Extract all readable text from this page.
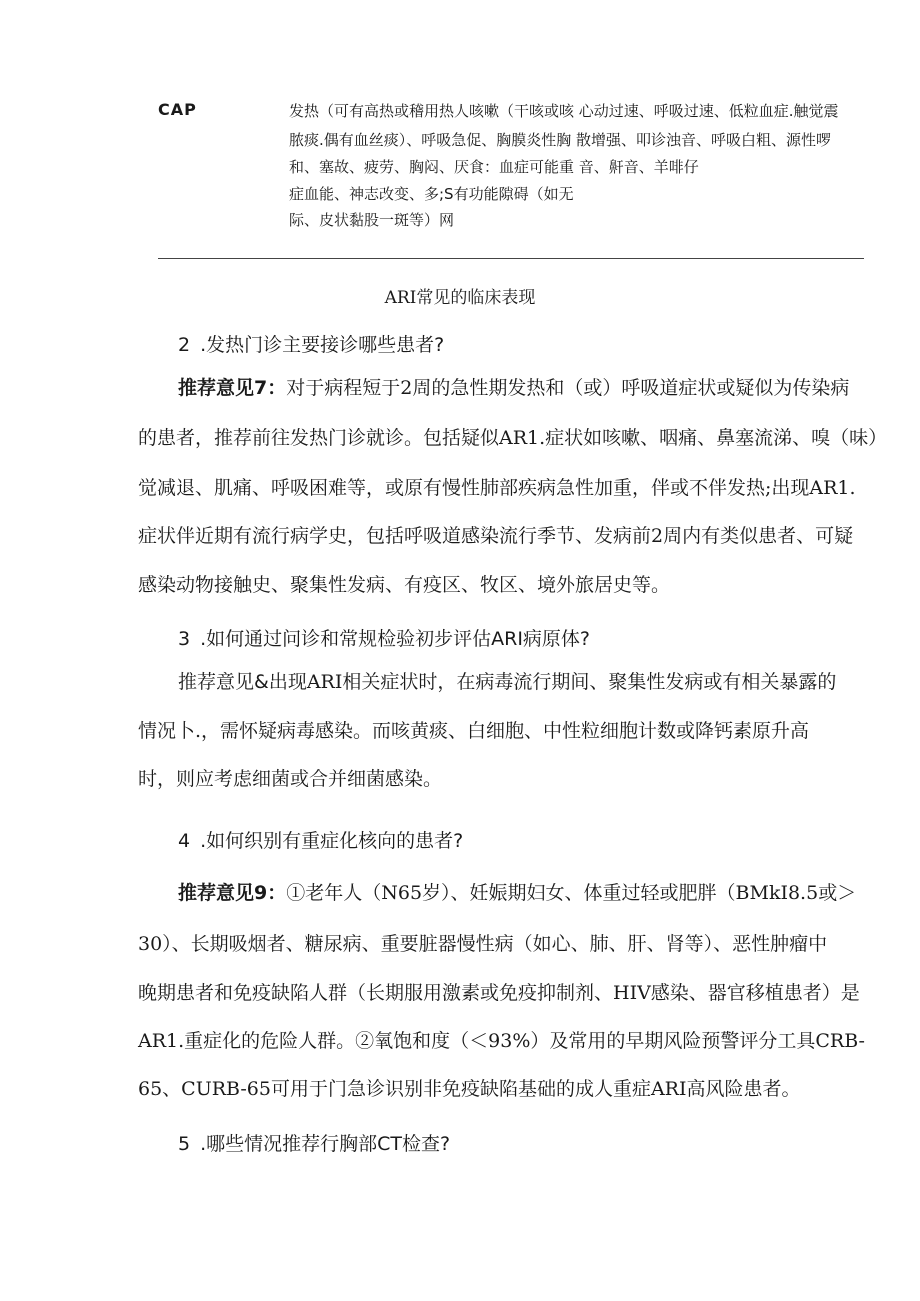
CAP	发热（可有高热或稽用热人咳嗽（干咳或咳 心动过速、呼吸过速、低粒血症.触觉震
脓痰.偶有血丝痰）、呼吸急促、胸膜炎性胸 散增强、叩诊浊音、呼吸白粗、源性啰
和、塞故、疲劳、胸闷、厌食：血症可能重 音、鼾音、羊啡仔
症血能、神志改变、多;S有功能隙碍（如无
际、皮状黏股一斑等）网
ARI常见的临床表现
2 .发热门诊主要接诊哪些患者?
推荐意见7：对于病程短于2周的急性期发热和（或）呼吸道症状或疑似为传染病
的患者，推荐前往发热门诊就诊。包括疑似AR1.症状如咳嗽、咽痛、鼻塞流涕、嗅（味）
觉减退、肌痛、呼吸困难等，或原有慢性肺部疾病急性加重，伴或不伴发热;出现AR1.
症状伴近期有流行病学史，包括呼吸道感染流行季节、发病前2周内有类似患者、可疑
感染动物接触史、聚集性发病、有疫区、牧区、境外旅居史等。
3 .如何通过问诊和常规检验初步评估ARI病原体?
推荐意见&出现ARI相关症状时，在病毒流行期间、聚集性发病或有相关暴露的
情况卜.，需怀疑病毒感染。而咳黄痰、白细胞、中性粒细胞计数或降钙素原升高
时，则应考虑细菌或合并细菌感染。
4 .如何织别有重症化核向的患者?
推荐意见9：①老年人（N65岁）、妊娠期妇女、体重过轻或肥胖（BMkI8.5或＞
30）、长期吸烟者、糖尿病、重要脏器慢性病（如心、肺、肝、肾等）、恶性肿瘤中
晚期患者和免疫缺陷人群（长期服用激素或免疫抑制剂、HIV感染、器官移植患者）是
AR1.重症化的危险人群。②氧饱和度（＜93%）及常用的早期风险预警评分工具CRB-
65、CURB-65可用于门急诊识别非免疫缺陷基础的成人重症ARI高风险患者。
5 .哪些情况推荐行胸部CT检查?
